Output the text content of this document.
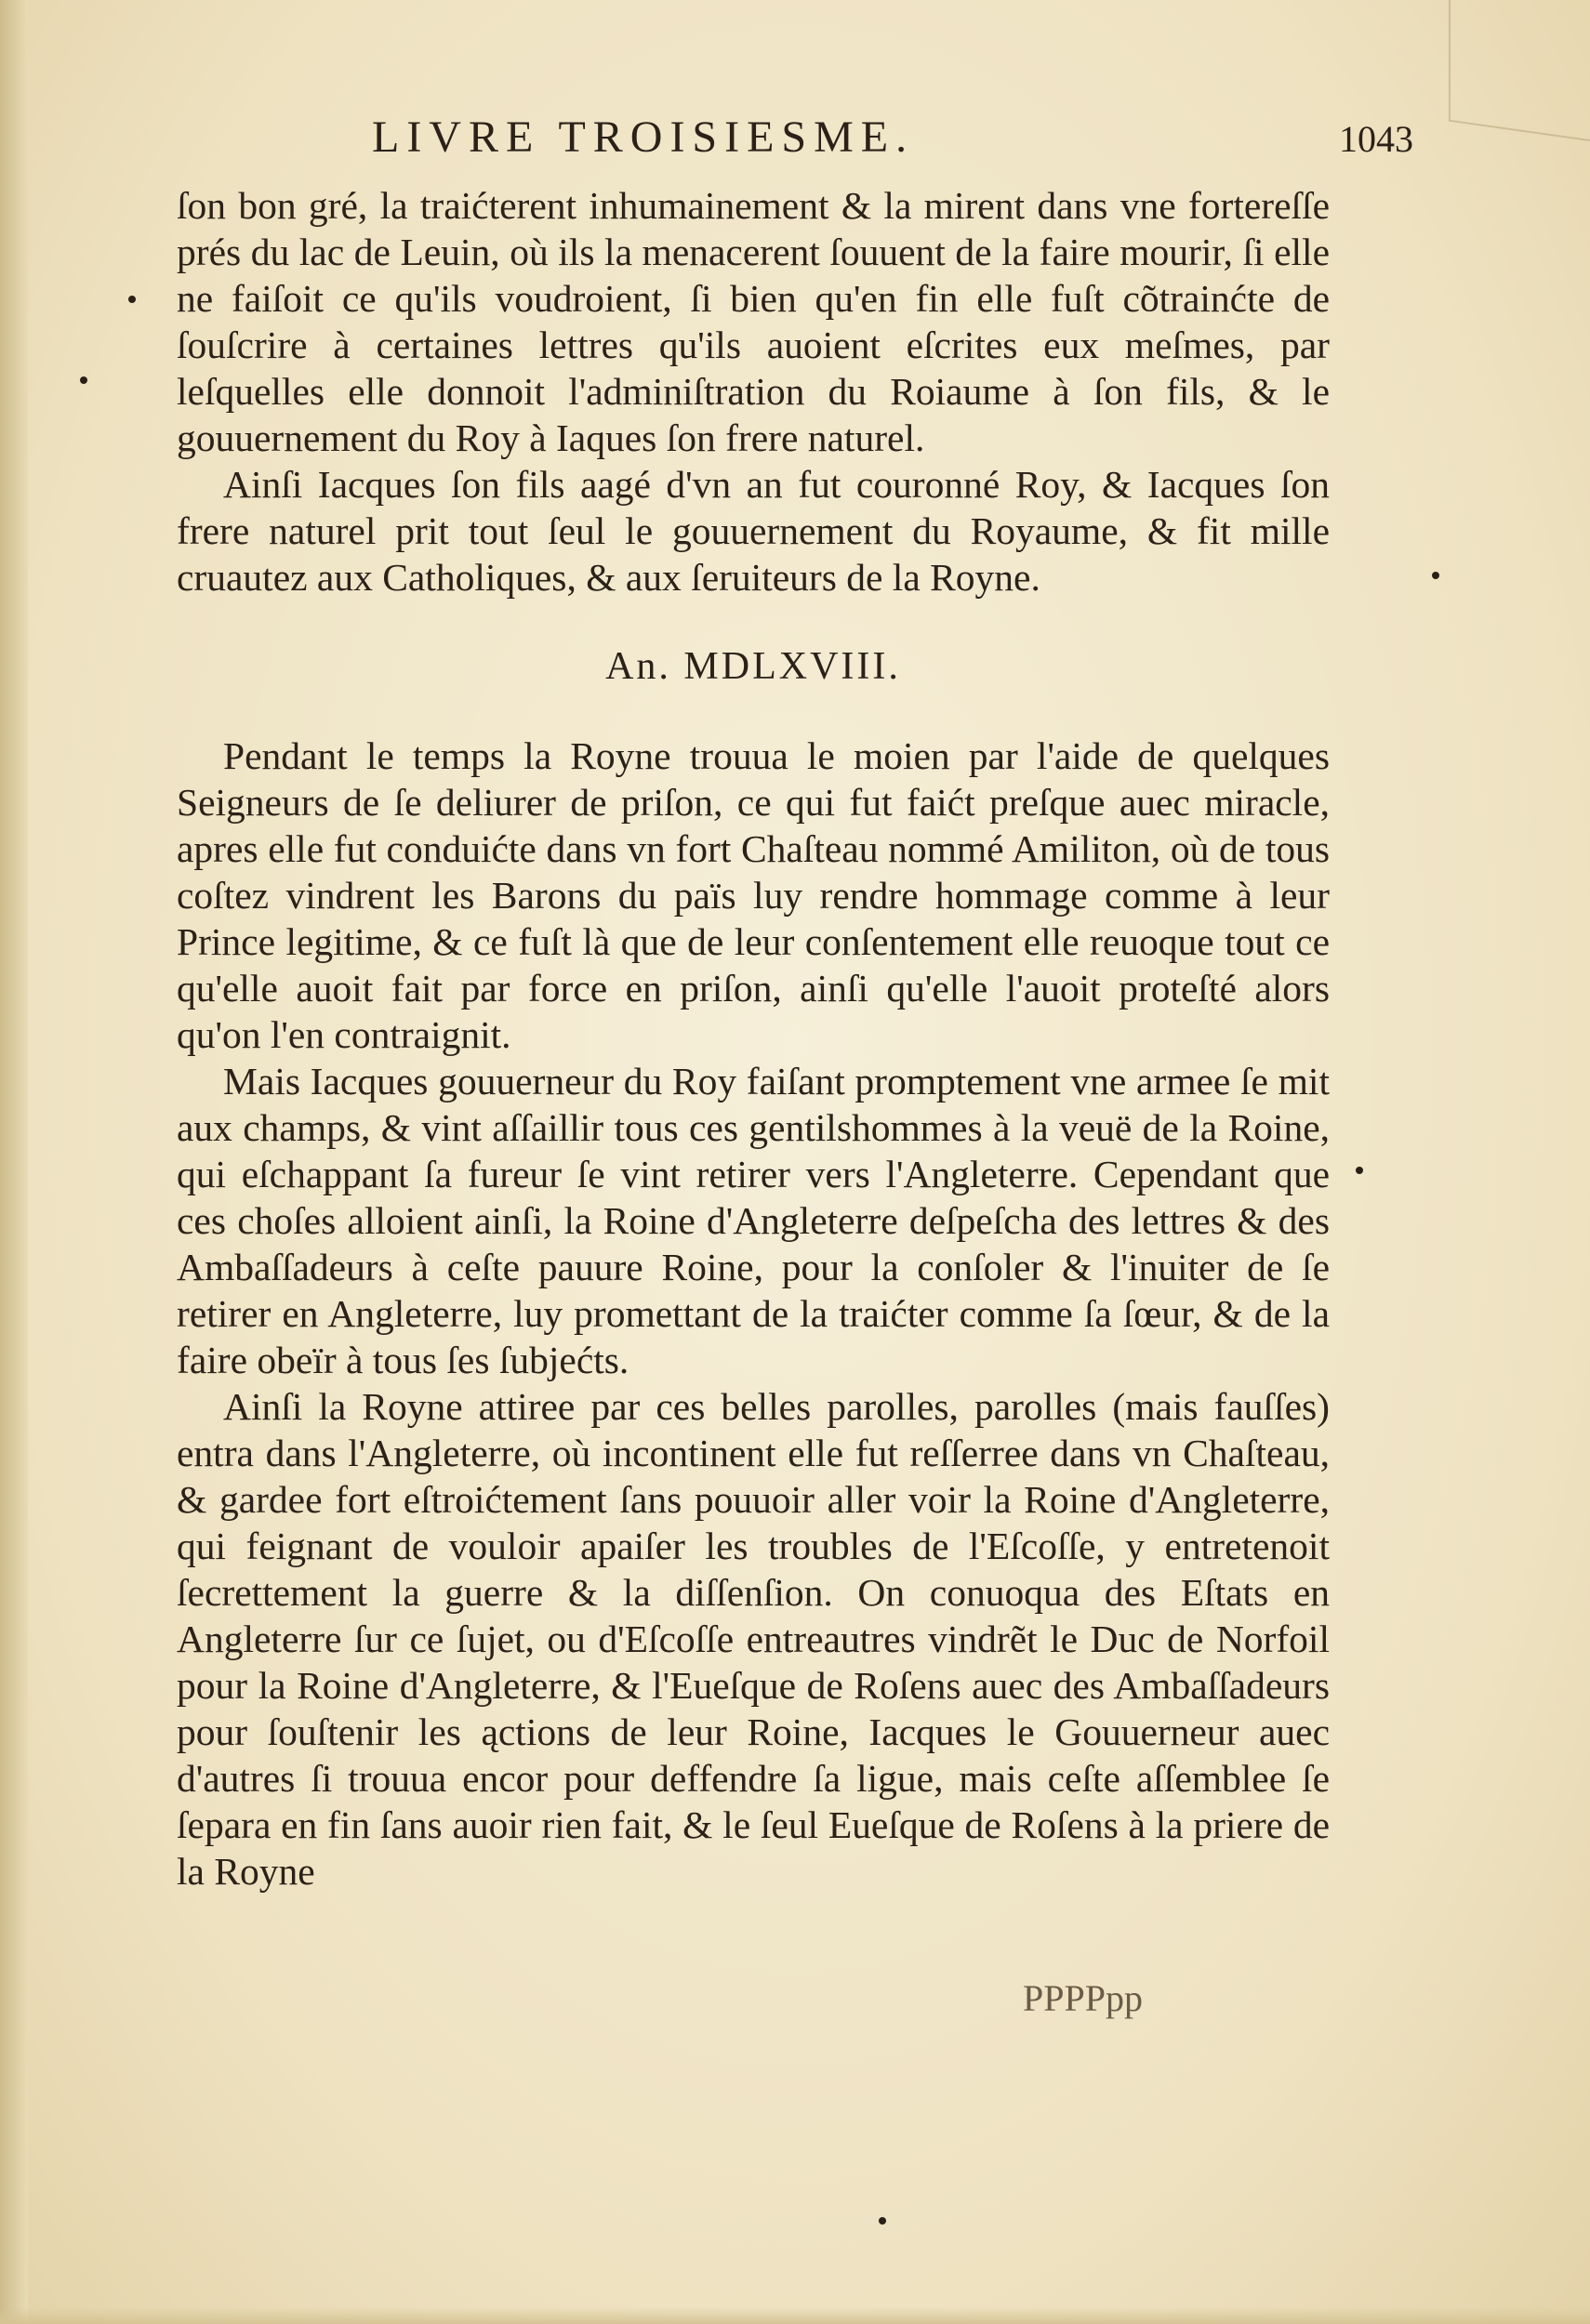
LIVRE TROISIESME.	1043

ſon bon gré, la traićterent inhumainement & la mirent dans vne fortereſſe prés du lac de Leuin, où ils la menacerent ſouuent de la faire mourir, ſi elle ne faiſoit ce qu'ils voudroient, ſi bien qu'en fin elle fuſt cõtrainćte de ſouſcrire à certaines lettres qu'ils auoient eſcrites eux meſmes, par leſquelles elle donnoit l'adminiſtration du Roiaume à ſon fils, & le gouuernement du Roy à Iaques ſon frere naturel.

Ainſi Iacques ſon fils aagé d'vn an fut couronné Roy, & Iacques ſon frere naturel prit tout ſeul le gouuernement du Royaume, & fit mille cruautez aux Catholiques, & aux ſeruiteurs de la Royne.

An. MDLXVIII.

Pendant le temps la Royne trouua le moien par l'aide de quelques Seigneurs de ſe deliurer de priſon, ce qui fut faićt preſque auec miracle, apres elle fut conduićte dans vn fort Chaſteau nommé Amiliton, où de tous coſtez vindrent les Barons du païs luy rendre hommage comme à leur Prince legitime, & ce fuſt là que de leur conſentement elle reuoque tout ce qu'elle auoit fait par force en priſon, ainſi qu'elle l'auoit proteſté alors qu'on l'en contraignit.

Mais Iacques gouuerneur du Roy faiſant promptement vne armee ſe mit aux champs, & vint aſſaillir tous ces gentilshommes à la veuë de la Roine, qui eſchappant ſa fureur ſe vint retirer vers l'Angleterre. Cependant que ces choſes alloient ainſi, la Roine d'Angleterre deſpeſcha des lettres & des Ambaſſadeurs à ceſte pauure Roine, pour la conſoler & l'inuiter de ſe retirer en Angleterre, luy promettant de la traićter comme ſa ſœur, & de la faire obeïr à tous ſes ſubjećts.

Ainſi la Royne attiree par ces belles parolles, parolles (mais fauſſes) entra dans l'Angleterre, où incontinent elle fut reſſerree dans vn Chaſteau, & gardee fort eſtroićtement ſans pouuoir aller voir la Roine d'Angleterre, qui feignant de vouloir apaiſer les troubles de l'Eſcoſſe, y entretenoit ſecrettement la guerre & la diſſenſion. On conuoqua des Eſtats en Angleterre ſur ce ſujet, ou d'Eſcoſſe entreautres vindrẽt le Duc de Norfoil pour la Roine d'Angleterre, & l'Eueſque de Roſens auec des Ambaſſadeurs pour ſouſtenir les ąctions de leur Roine, Iacques le Gouuerneur auec d'autres ſi trouua encor pour deffendre ſa ligue, mais ceſte aſſemblee ſe ſepara en fin ſans auoir rien fait, & le ſeul Eueſque de Roſens à la priere de la Royne

PPPPpp
